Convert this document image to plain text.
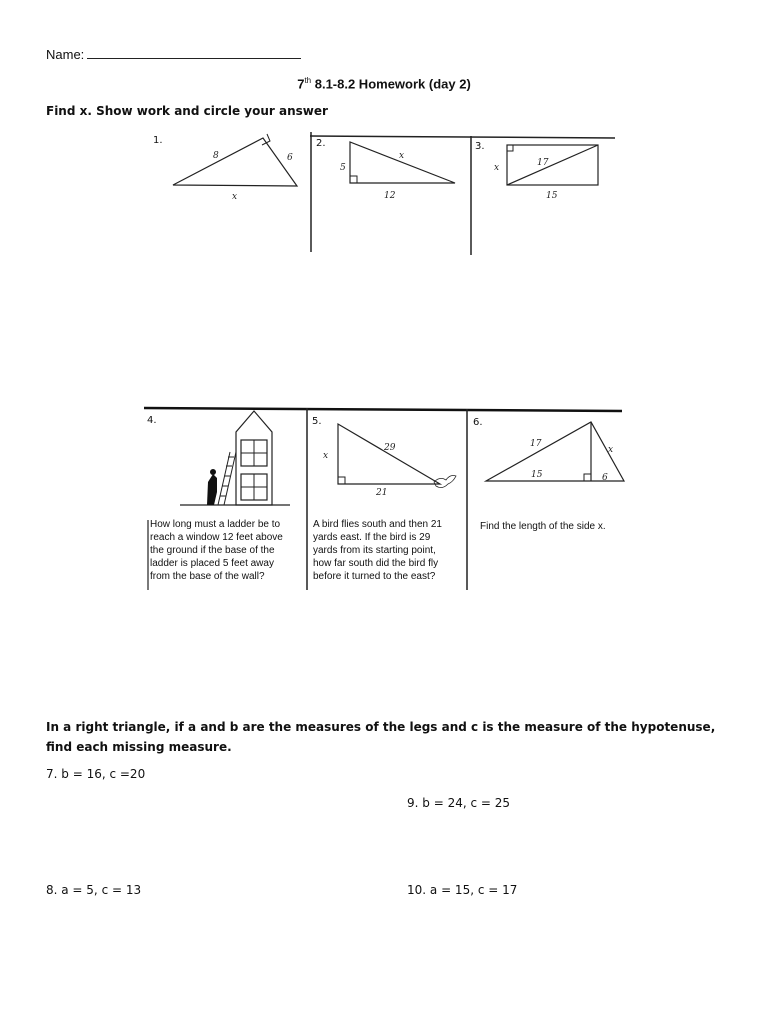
Name:
7th 8.1-8.2 Homework (day 2)
Find x. Show work and circle your answer
8	6
x
5
x
12
x	17
15
1.	2.	3.
x
29
21
17
x
15	6
4.	5.	6.
How long must a ladder be to
reach a window 12 feet above
the ground if the base of the
ladder is placed 5 feet away
from the base of the wall?
A bird flies south and then 21
yards east. If the bird is 29
yards from its starting point,
how far south did the bird fly
before it turned to the east?
Find the length of the side x.
In a right triangle, if a and b are the measures of the legs and c is the measure of the hypotenuse, find each missing measure.
7. b = 16, c =20
9. b = 24, c = 25
8. a = 5, c = 13	10. a = 15, c = 17
